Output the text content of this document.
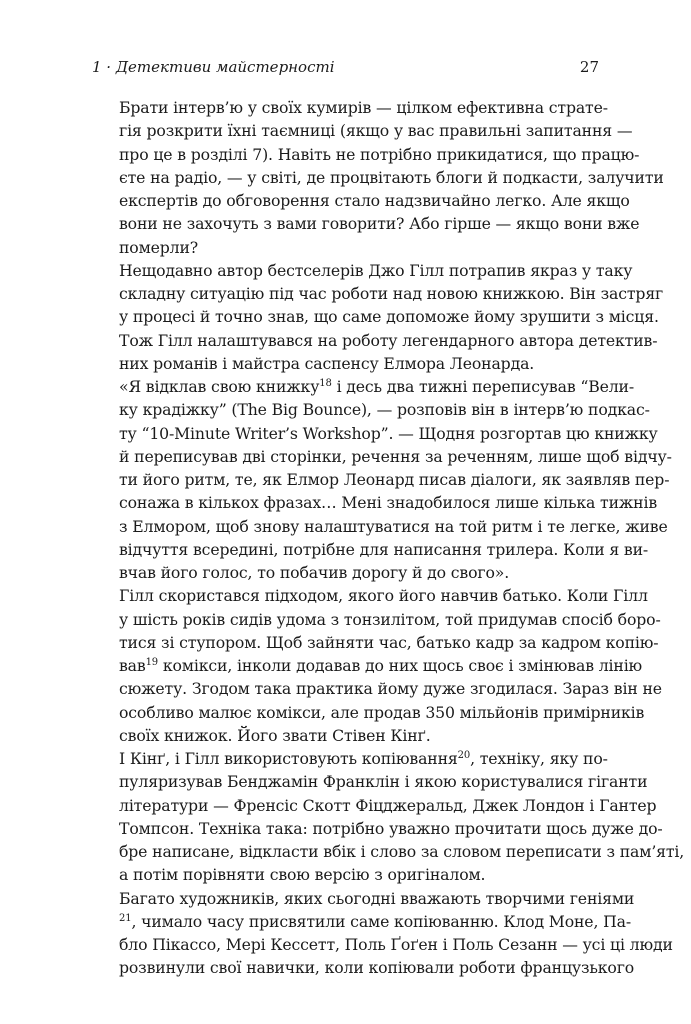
1 · Детективи майстерності	27

Брати інтерв’ю у своїх кумирів — цілком ефективна страте-
гія розкрити їхні таємниці (якщо у вас правильні запитання —
про це в розділі 7). Навіть не потрібно прикидатися, що працю-
єте на радіо, — у світі, де процвітають блоги й подкасти, залучити
експертів до обговорення стало надзвичайно легко. Але якщо
вони не захочуть з вами говорити? Або гірше — якщо вони вже
померли?

Нещодавно автор бестселерів Джо Гілл потрапив якраз у таку
складну ситуацію під час роботи над новою книжкою. Він застряг
у процесі й точно знав, що саме допоможе йому зрушити з місця.
Тож Гілл налаштувався на роботу легендарного автора детектив-
них романів і майстра саспенсу Елмора Леонарда.

«Я відклав свою книжку$^{18}$ і десь два тижні переписував “Вели-
ку крадіжку” (The Big Bounce), — розповів він в інтерв’ю подкас-
ту “10-Minute Writer’s Workshop”. — Щодня розгортав цю книжку
й переписував дві сторінки, речення за реченням, лише щоб відчу-
ти його ритм, те, як Елмор Леонард писав діалоги, як заявляв пер-
сонажа в кількох фразах… Мені знадобилося лише кілька тижнів
з Елмором, щоб знову налаштуватися на той ритм і те легке, живе
відчуття всередині, потрібне для написання трилера. Коли я ви-
вчав його голос, то побачив дорогу й до свого».

Гілл скористався підходом, якого його навчив батько. Коли Гілл
у шість років сидів удома з тонзилітом, той придумав спосіб боро-
тися зі ступором. Щоб зайняти час, батько кадр за кадром копію-
вав$^{19}$ комікси, інколи додавав до них щось своє і змінював лінію
сюжету. Згодом така практика йому дуже згодилася. Зараз він не
особливо малює комікси, але продав 350 мільйонів примірників
своїх книжок. Його звати Стівен Кінґ.

І Кінґ, і Гілл використовують копіювання$^{20}$, техніку, яку по-
пуляризував Бенджамін Франклін і якою користувалися гіганти
літератури — Френсіс Скотт Фіцджеральд, Джек Лондон і Гантер
Томпсон. Техніка така: потрібно уважно прочитати щось дуже до-
бре написане, відкласти вбік і слово за словом переписати з пам’яті,
а потім порівняти свою версію з оригіналом.

Багато художників, яких сьогодні вважають творчими геніями
$^{21}$, чимало часу присвятили саме копіюванню. Клод Моне, Па-
бло Пікассо, Мері Кессетт, Поль Ґоґен і Поль Сезанн — усі ці люди
розвинули свої навички, коли копіювали роботи французького
